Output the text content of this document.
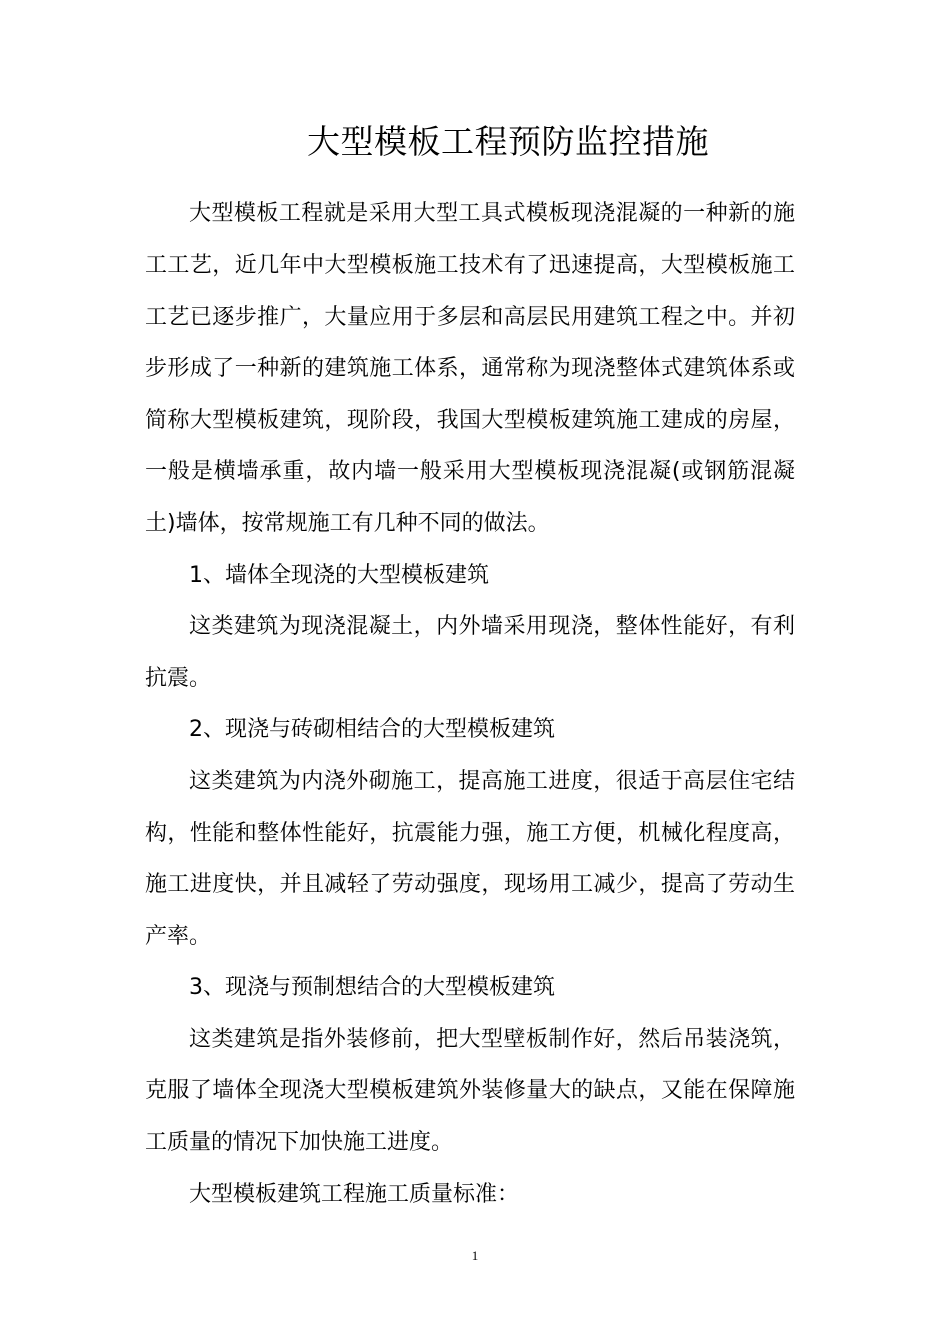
大型模板工程预防监控措施
大型模板工程就是采用大型工具式模板现浇混凝的一种新的施
工工艺，近几年中大型模板施工技术有了迅速提高，大型模板施工
工艺已逐步推广，大量应用于多层和高层民用建筑工程之中。并初
步形成了一种新的建筑施工体系，通常称为现浇整体式建筑体系或
简称大型模板建筑，现阶段，我国大型模板建筑施工建成的房屋，
一般是横墙承重，故内墙一般采用大型模板现浇混凝(或钢筋混凝
土)墙体，按常规施工有几种不同的做法。
1、墙体全现浇的大型模板建筑
这类建筑为现浇混凝土，内外墙采用现浇，整体性能好，有利
抗震。
2、现浇与砖砌相结合的大型模板建筑
这类建筑为内浇外砌施工，提高施工进度，很适于高层住宅结
构，性能和整体性能好，抗震能力强，施工方便，机械化程度高，
施工进度快，并且减轻了劳动强度，现场用工减少，提高了劳动生
产率。
3、现浇与预制想结合的大型模板建筑
这类建筑是指外装修前，把大型壁板制作好，然后吊装浇筑，
克服了墙体全现浇大型模板建筑外装修量大的缺点，又能在保障施
工质量的情况下加快施工进度。
大型模板建筑工程施工质量标准：
1
